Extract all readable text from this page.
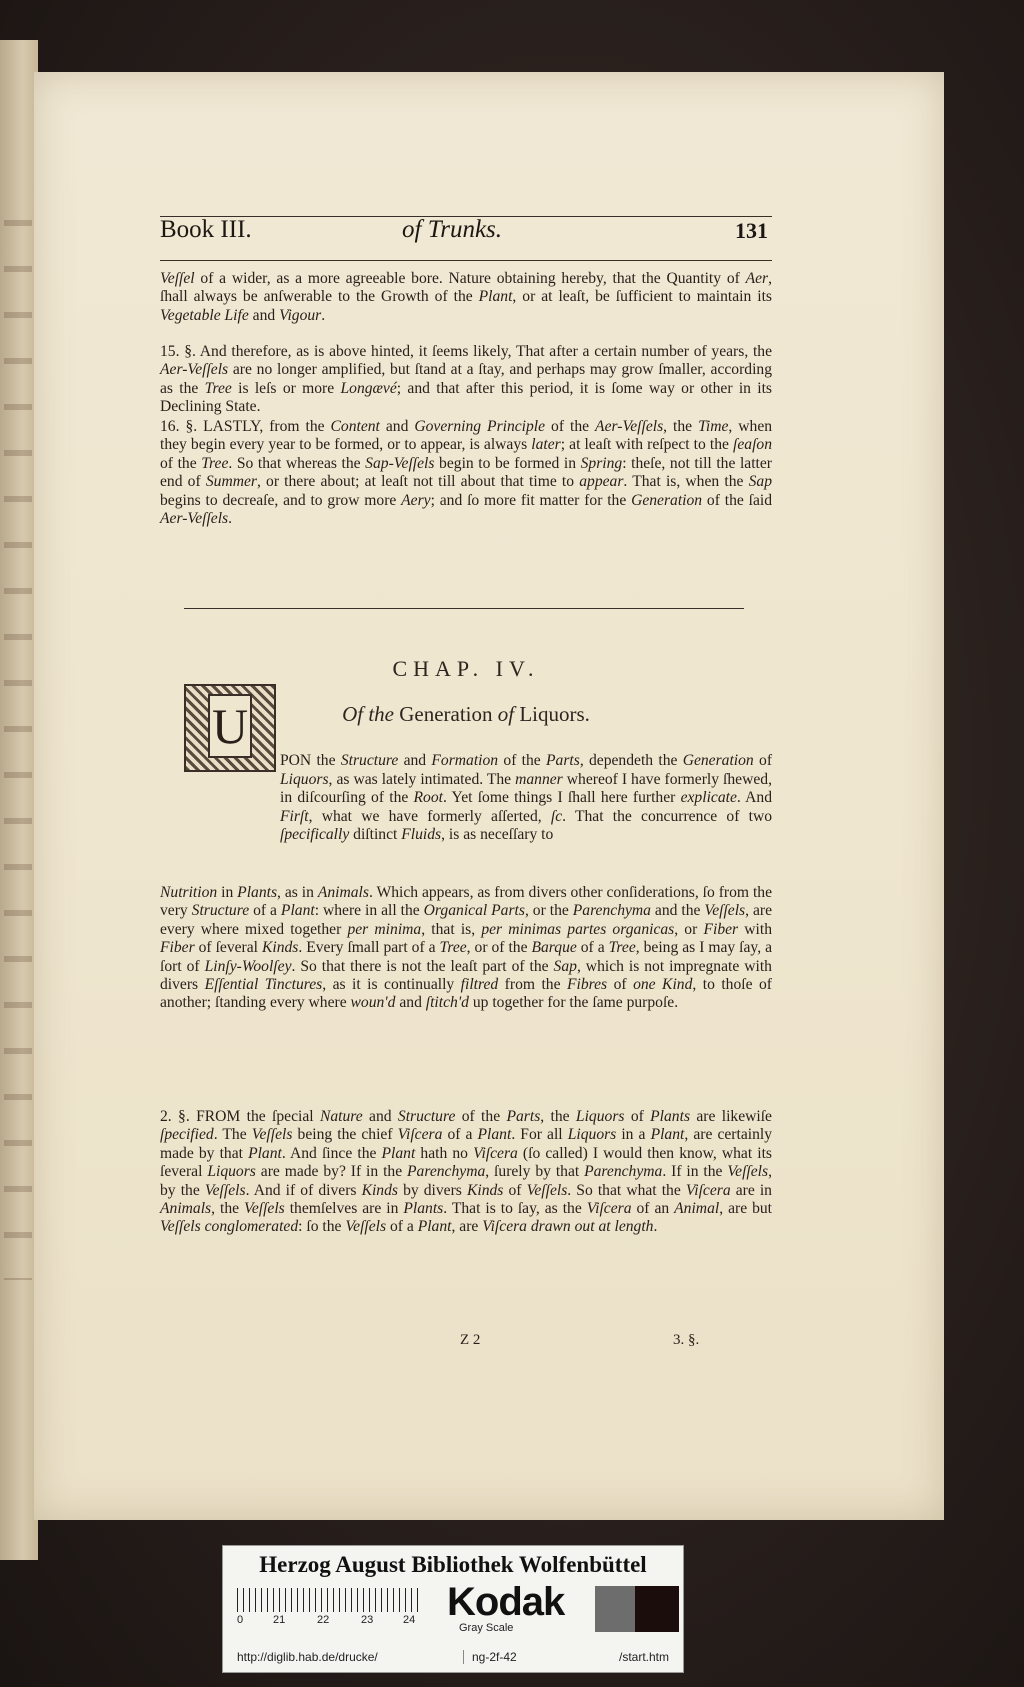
Book III.	of Trunks.	131

Veſſel of a wider, as a more agreeable bore. Nature obtaining hereby, that the Quantity of Aer, ſhall always be anſwerable to the Growth of the Plant, or at leaſt, be ſufficient to maintain its Vegetable Life and Vigour.

15. §. And therefore, as is above hinted, it ſeems likely, That after a certain number of years, the Aer-Veſſels are no longer amplified, but ſtand at a ſtay, and perhaps may grow ſmaller, according as the Tree is leſs or more Longævé; and that after this period, it is ſome way or other in its Declining State.

16. §. LASTLY, from the Content and Governing Principle of the Aer-Veſſels, the Time, when they begin every year to be formed, or to appear, is always later; at leaſt with reſpect to the ſeaſon of the Tree. So that whereas the Sap-Veſſels begin to be formed in Spring: theſe, not till the latter end of Summer, or there about; at leaſt not till about that time to appear. That is, when the Sap begins to decreaſe, and to grow more Aery; and ſo more fit matter for the Generation of the ſaid Aer-Veſſels.

CHAP. IV.
Of the Generation of Liquors.
U

PON the Structure and Formation of the Parts, dependeth the Generation of Liquors, as was lately intimated. The manner whereof I have formerly ſhewed, in diſcourſing of the Root. Yet ſome things I ſhall here further explicate. And Firſt, what we have formerly aſſerted, ſc. That the concurrence of two ſpecifically diſtinct Fluids, is as neceſſary to

Nutrition in Plants, as in Animals. Which appears, as from divers other conſiderations, ſo from the very Structure of a Plant: where in all the Organical Parts, or the Parenchyma and the Veſſels, are every where mixed together per minima, that is, per minimas partes organicas, or Fiber with Fiber of ſeveral Kinds. Every ſmall part of a Tree, or of the Barque of a Tree, being as I may ſay, a ſort of Linſy-Woolſey. So that there is not the leaſt part of the Sap, which is not impregnate with divers Eſſential Tinctures, as it is continually filtred from the Fibres of one Kind, to thoſe of another; ſtanding every where woun'd and ſtitch'd up together for the ſame purpoſe.

2. §. FROM the ſpecial Nature and Structure of the Parts, the Liquors of Plants are likewiſe ſpecified. The Veſſels being the chief Viſcera of a Plant. For all Liquors in a Plant, are certainly made by that Plant. And ſince the Plant hath no Viſcera (ſo called) I would then know, what its ſeveral Liquors are made by? If in the Parenchyma, ſurely by that Parenchyma. If in the Veſſels, by the Veſſels. And if of divers Kinds by divers Kinds of Veſſels. So that what the Viſcera are in Animals, the Veſſels themſelves are in Plants. That is to ſay, as the Viſcera of an Animal, are but Veſſels conglomerated: ſo the Veſſels of a Plant, are Viſcera drawn out at length.

Z 2	3. §.
Herzog August Bibliothek Wolfenbüttel
0	21	22	23	24 Kodak
Gray Scale
http://diglib.hab.de/drucke/	ng-2f-42	/start.htm
